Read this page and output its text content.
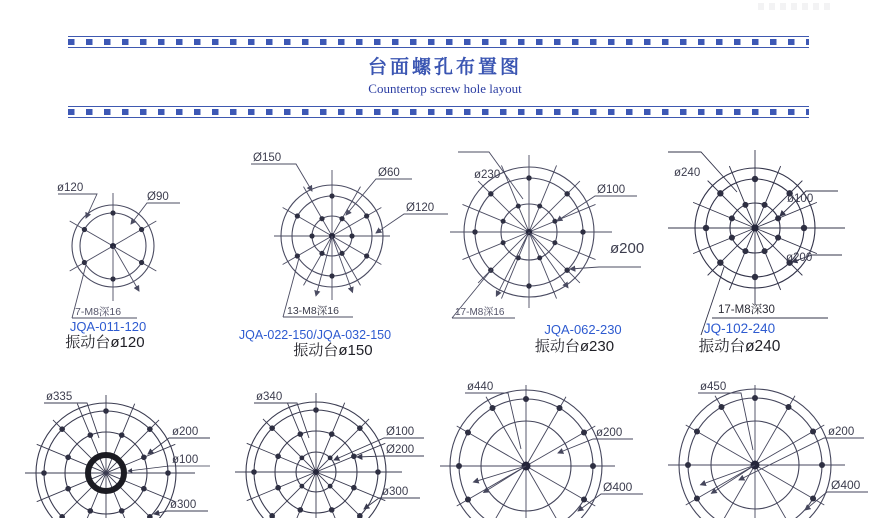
台面螺孔布置图
Countertop screw hole layout
ø120
Ø90
7-M8深16
Ø150
Ø60
Ø120
13-M8深16
ø230
Ø100
ø200
17-M8深16
ø240
ø100
ø200
17-M8深30
ø335
ø200
ø100
ø300
ø340
Ø100
Ø200
ø300
ø440
ø200
Ø400
ø450
ø200
Ø400
JQA-011-120
振动台ø120	JQA-022-150/JQA-032-150
振动台ø150
JQA-062-230
振动台ø230
JQ-102-240
振动台ø240
